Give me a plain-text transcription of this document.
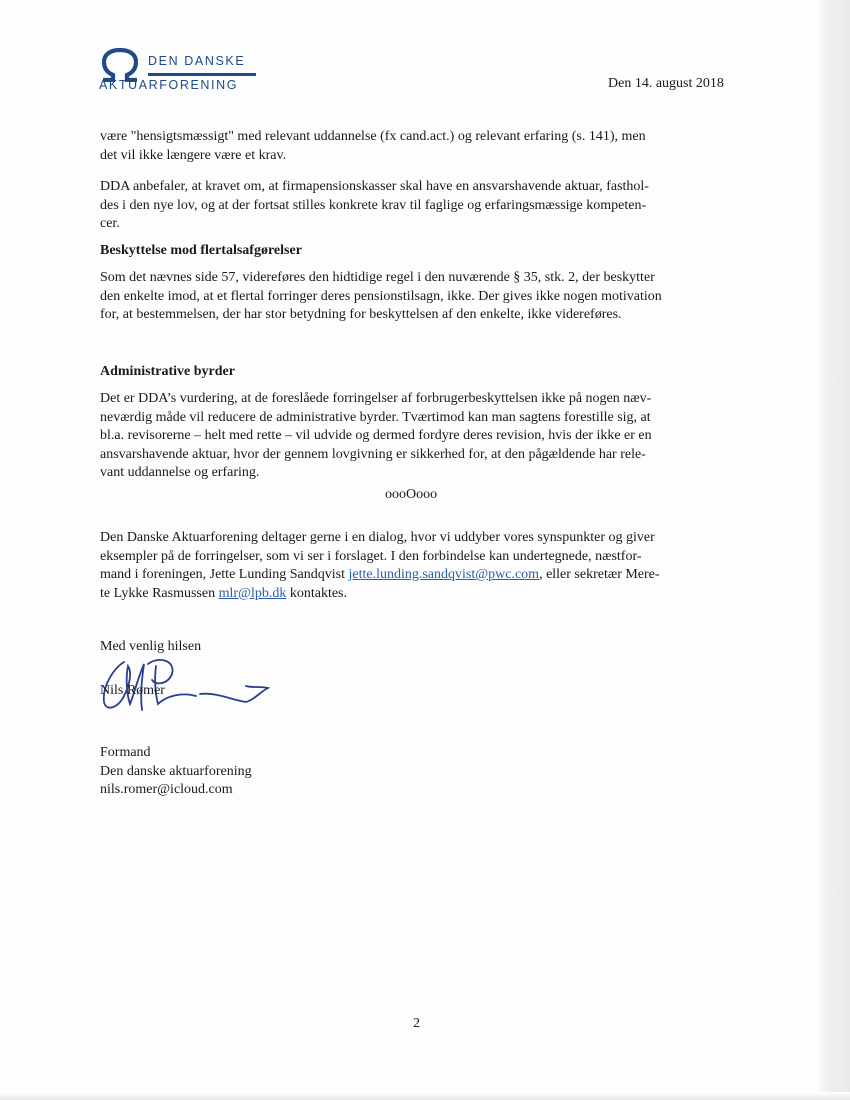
DEN DANSKE
AKTUARFORENING	Den 14. august 2018

være "hensigtsmæssigt" med relevant uddannelse (fx cand.act.) og relevant erfaring (s. 141), men

det vil ikke længere være et krav.

DDA anbefaler, at kravet om, at firmapensionskasser skal have en ansvarshavende aktuar, fasthol-

des i den nye lov, og at der fortsat stilles konkrete krav til faglige og erfaringsmæssige kompeten-

cer.

Beskyttelse mod flertalsafgørelser

Som det nævnes side 57, videreføres den hidtidige regel i den nuværende § 35, stk. 2, der beskytter

den enkelte imod, at et flertal forringer deres pensionstilsagn, ikke. Der gives ikke nogen motivation

for, at bestemmelsen, der har stor betydning for beskyttelsen af den enkelte, ikke videreføres.

Administrative byrder

Det er DDA’s vurdering, at de foreslåede forringelser af forbrugerbeskyttelsen ikke på nogen næv-

neværdig måde vil reducere de administrative byrder. Tværtimod kan man sagtens forestille sig, at

bl.a. revisorerne – helt med rette – vil udvide og dermed fordyre deres revision, hvis der ikke er en

ansvarshavende aktuar, hvor der gennem lovgivning er sikkerhed for, at den pågældende har rele-

vant uddannelse og erfaring.

oooOooo

Den Danske Aktuarforening deltager gerne i en dialog, hvor vi uddyber vores synspunkter og giver

eksempler på de forringelser, som vi ser i forslaget. I den forbindelse kan undertegnede, næstfor-

mand i foreningen, Jette Lunding Sandqvist jette.lunding.sandqvist@pwc.com, eller sekretær Mere-

te Lykke Rasmussen mlr@lpb.dk kontaktes.

Med venlig hilsen
Nils Rømer
Formand
Den danske aktuarforening
nils.romer@icloud.com
2
